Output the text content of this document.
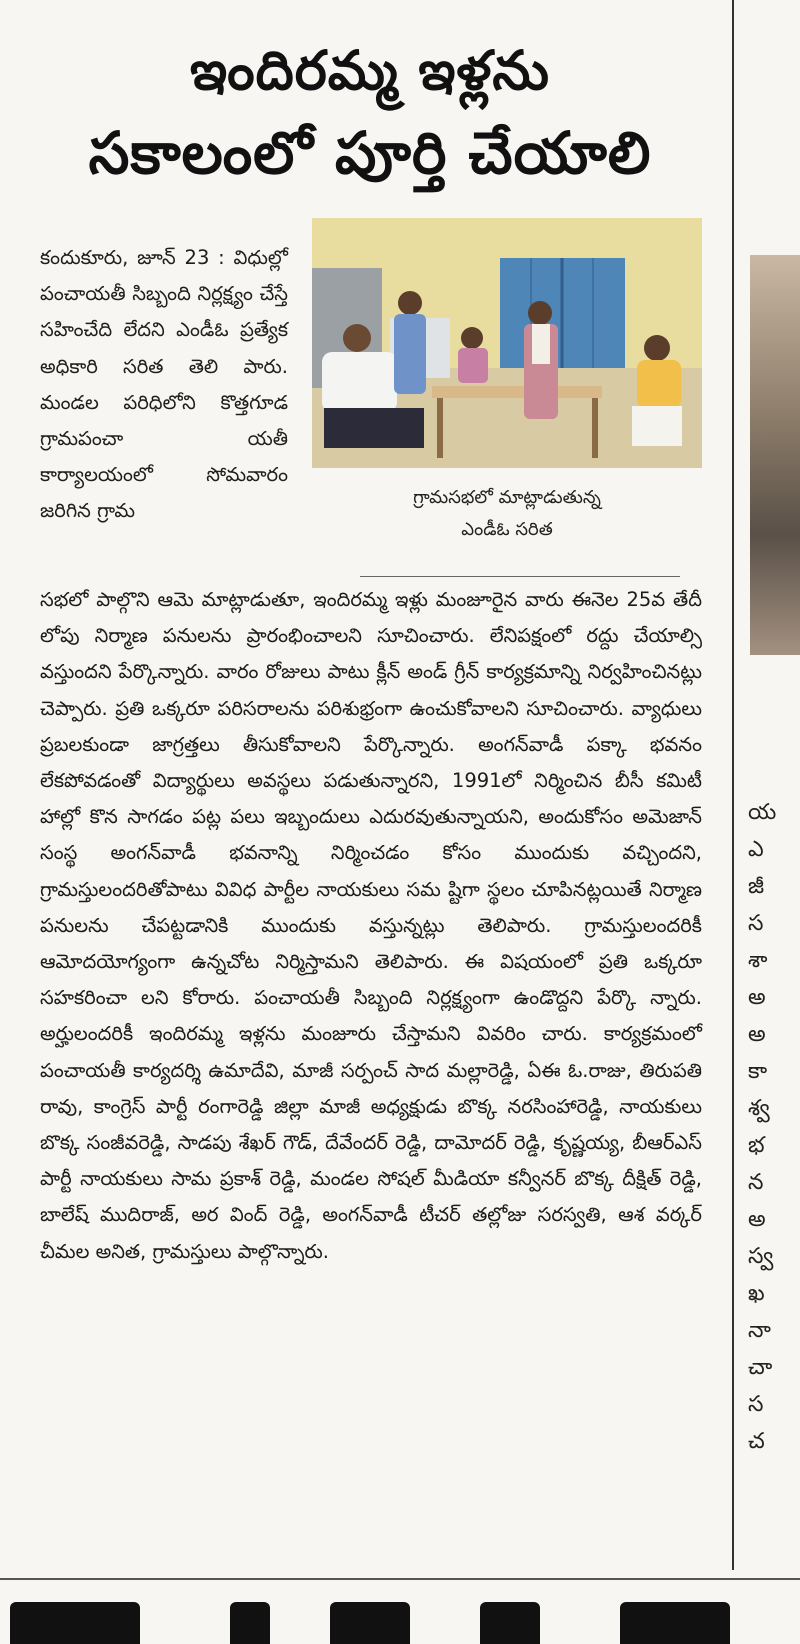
ఇందిరమ్మ ఇళ్లను
సకాలంలో పూర్తి చేయాలి
కందుకూరు, జూన్ 23 : విధుల్లో పంచాయతీ సిబ్బంది నిర్లక్ష్యం చేస్తే సహించేది లేదని ఎండీఓ ప్రత్యేక అధికారి సరిత తెలి పారు. మండల పరిధిలోని కొత్తగూడ గ్రామపంచా యతీ కార్యాలయంలో సోమవారం జరిగిన గ్రామ
గ్రామసభలో మాట్లాడుతున్న
ఎండీఓ సరిత
సభలో పాల్గొని ఆమె మాట్లాడుతూ, ఇందిరమ్మ ఇళ్లు మంజూరైన వారు ఈనెల 25వ తేదీ లోపు నిర్మాణ పనులను ప్రారంభించాలని సూచించారు. లేనిపక్షంలో రద్దు చేయాల్సి వస్తుందని పేర్కొన్నారు. వారం రోజులు పాటు క్లీన్ అండ్ గ్రీన్ కార్యక్రమాన్ని నిర్వహించినట్లు చెప్పారు. ప్రతి ఒక్కరూ పరిసరాలను పరిశుభ్రంగా ఉంచుకోవాలని సూచించారు. వ్యాధులు ప్రబలకుండా జాగ్రత్తలు తీసుకోవాలని పేర్కొన్నారు. అంగన్‌వాడీ పక్కా భవనం లేకపోవడంతో విద్యార్థులు అవస్థలు పడుతున్నారని, 1991లో నిర్మించిన బీసీ కమిటీ హాల్లో కొన సాగడం పట్ల పలు ఇబ్బందులు ఎదురవుతున్నాయని, అందుకోసం అమెజాన్ సంస్థ అంగన్‌వాడీ భవనాన్ని నిర్మించడం కోసం ముందుకు వచ్చిందని, గ్రామస్తులందరితోపాటు వివిధ పార్టీల నాయకులు సమ ష్టిగా స్థలం చూపినట్లయితే నిర్మాణ పనులను చేపట్టడానికి ముందుకు వస్తున్నట్లు తెలిపారు. గ్రామస్తులందరికీ ఆమోదయోగ్యంగా ఉన్నచోట నిర్మిస్తామని తెలిపారు. ఈ విషయంలో ప్రతి ఒక్కరూ సహకరించా లని కోరారు. పంచాయతీ సిబ్బంది నిర్లక్ష్యంగా ఉండొద్దని పేర్కొ న్నారు. అర్హులందరికీ ఇందిరమ్మ ఇళ్లను మంజూరు చేస్తామని వివరిం చారు. కార్యక్రమంలో పంచాయతీ కార్యదర్శి ఉమాదేవి, మాజీ సర్పంచ్ సాద మల్లారెడ్డి, ఏఈ ఓ.రాజు, తిరుపతి రావు, కాంగ్రెస్ పార్టీ రంగారెడ్డి జిల్లా మాజీ అధ్యక్షుడు బొక్క నరసింహారెడ్డి, నాయకులు బొక్క సంజీవరెడ్డి, సాడపు శేఖర్ గౌడ్, దేవేందర్ రెడ్డి, దామోదర్ రెడ్డి, కృష్ణయ్య, బీఆర్ఎస్ పార్టీ నాయకులు సామ ప్రకాశ్ రెడ్డి, మండల సోషల్ మీడియా కన్వీనర్ బొక్క దీక్షిత్ రెడ్డి, బాలేష్ ముదిరాజ్, అర వింద్ రెడ్డి, అంగన్‌వాడీ టీచర్ తల్లోజు సరస్వతి, ఆశ వర్కర్ చీమల అనిత, గ్రామస్తులు పాల్గొన్నారు.
య
ఎ
జీ
స
శా
అ
అ
కా
శ్వ
భ
న
అ
స్వ
ఖ
నా
చా
స
చ
